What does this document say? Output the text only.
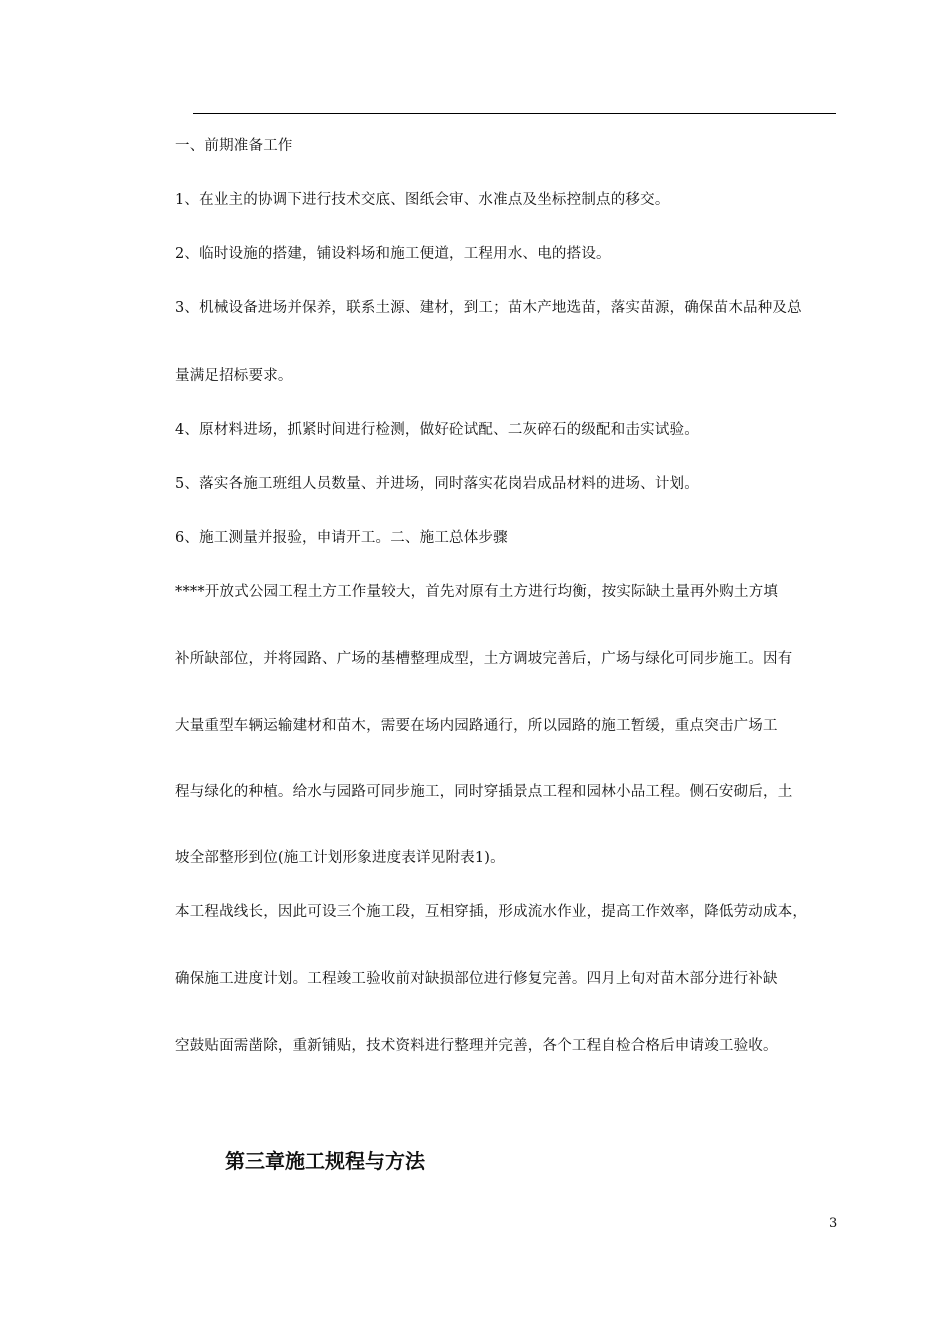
一、前期准备工作
1、在业主的协调下进行技术交底、图纸会审、水准点及坐标控制点的移交。
2、临时设施的搭建，铺设料场和施工便道，工程用水、电的搭设。
3、机械设备进场并保养，联系土源、建材，到工；苗木产地选苗，落实苗源，确保苗木品种及总
量满足招标要求。
4、原材料进场，抓紧时间进行检测，做好砼试配、二灰碎石的级配和击实试验。
5、落实各施工班组人员数量、并进场，同时落实花岗岩成品材料的进场、计划。
6、施工测量并报验，申请开工。二、施工总体步骤
****开放式公园工程土方工作量较大，首先对原有土方进行均衡，按实际缺土量再外购土方填
补所缺部位，并将园路、广场的基槽整理成型，土方调坡完善后，广场与绿化可同步施工。因有
大量重型车辆运输建材和苗木，需要在场内园路通行，所以园路的施工暂缓，重点突击广场工
程与绿化的种植。给水与园路可同步施工，同时穿插景点工程和园林小品工程。侧石安砌后，土
坡全部整形到位(施工计划形象进度表详见附表1)。
本工程战线长，因此可设三个施工段，互相穿插，形成流水作业，提高工作效率，降低劳动成本，
确保施工进度计划。工程竣工验收前对缺损部位进行修复完善。四月上旬对苗木部分进行补缺
空鼓贴面需凿除，重新铺贴，技术资料进行整理并完善，各个工程自检合格后申请竣工验收。
第三章施工规程与方法
3
